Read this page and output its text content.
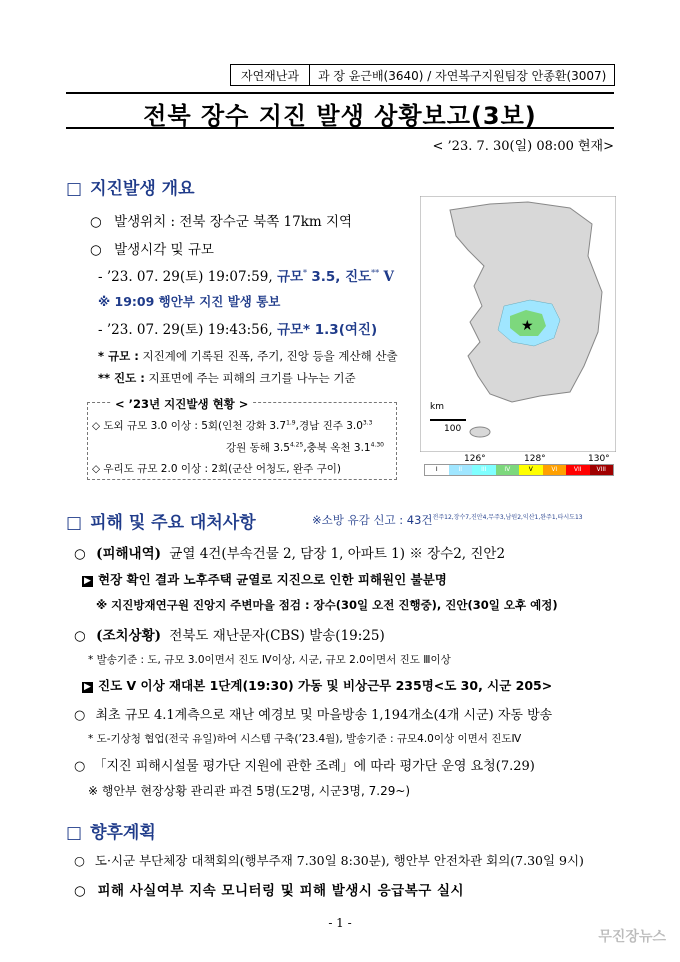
자연재난과	과 장 윤근배(3640) / 자연복구지원팀장 안종환(3007)
전북 장수 지진 발생 상황보고(3보)
< ’23. 7. 30(일) 08:00 현재>
□ 지진발생 개요
○ 발생위치 : 전북 장수군 북쪽 17km 지역
○ 발생시각 및 규모
- ’23. 07. 29(토) 19:07:59, 규모* 3.5, 진도** Ⅴ
※ 19:09 행안부 지진 발생 통보
- ’23. 07. 29(토) 19:43:56, 규모* 1.3(여진)
* 규모 : 지진계에 기록된 진폭, 주기, 진앙 등을 계산해 산출
** 진도 : 지표면에 주는 피해의 크기를 나누는 기준
< ’23년 지진발생 현황 >
◇ 도외 규모 3.0 이상 : 5회(인천 강화 $3.7^{1.9}$,경남 진주 $3.0^{3.3}$
강원 동해 $3.5^{4.25}$,충북 옥천 $3.1^{4.30}$
◇ 우리도 규모 2.0 이상 : 2회(군산 어청도, 완주 구이)
★
km
100
126°	128°	130°
I	II	III	IV	V	VI	VII	VIII
□ 피해 및 주요 대처사항	※소방 유감 신고 : 43건$^{전주12,장수7,진안4,무주3,남원2,익산1,완주1,타시도13}$
○ (피해내역) 균열 4건(부속건물 2, 담장 1, 아파트 1) ※ 장수2, 진안2
▶ 현장 확인 결과 노후주택 균열로 지진으로 인한 피해원인 불분명
※ 지진방재연구원 진앙지 주변마을 점검 : 장수(30일 오전 진행중), 진안(30일 오후 예정)
○ (조치상황) 전북도 재난문자(CBS) 발송(19:25)
* 발송기준 : 도, 규모 3.0이면서 진도 Ⅳ이상, 시군, 규모 2.0이면서 진도 Ⅲ이상
▶ 진도 Ⅴ 이상 재대본 1단계(19:30) 가동 및 비상근무 235명<도 30, 시군 205>
○ 최초 규모 4.1계측으로 재난 예경보 및 마을방송 1,194개소(4개 시군) 자동 방송
* 도-기상청 협업(전국 유일)하여 시스템 구축(’23.4월), 발송기준 : 규모4.0이상 이면서 진도Ⅳ
○ 「지진 피해시설물 평가단 지원에 관한 조례」에 따라 평가단 운영 요청(7.29)
※ 행안부 현장상황 관리관 파견 5명(도2명, 시군3명, 7.29~)
□ 향후계획
○ 도·시군 부단체장 대책회의(행부주재 7.30일 8:30분), 행안부 안전차관 회의(7.30일 9시)
○ 피해 사실여부 지속 모니터링 및 피해 발생시 응급복구 실시
- 1 -
무진장뉴스
